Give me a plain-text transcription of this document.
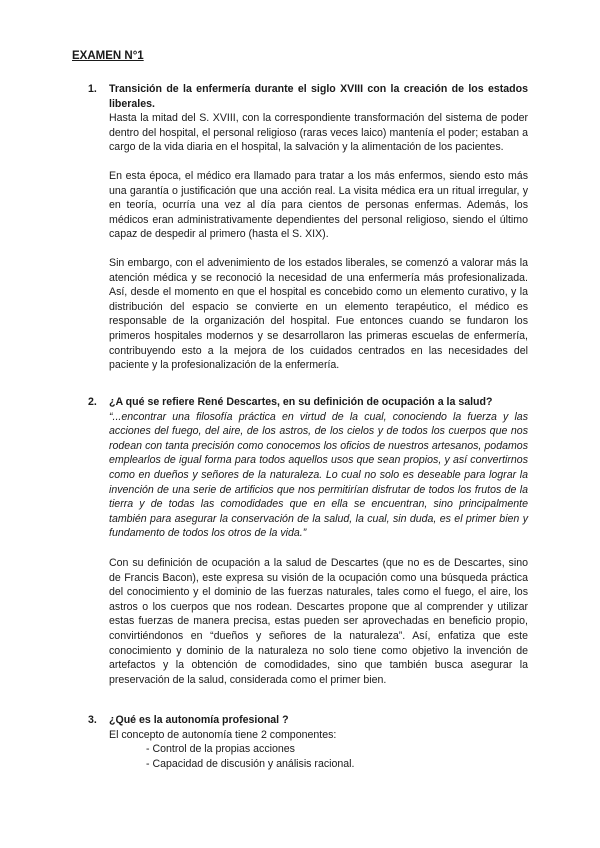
EXAMEN N°1
1.	Transición de la enfermería durante el siglo XVIII con la creación de los estados liberales.

Hasta la mitad del S. XVIII, con la correspondiente transformación del sistema de poder dentro del hospital, el personal religioso (raras veces laico) mantenía el poder; estaban a cargo de la vida diaria en el hospital, la salvación y la alimentación de los pacientes.

En esta época, el médico era llamado para tratar a los más enfermos, siendo esto más una garantía o justificación que una acción real. La visita médica era un ritual irregular, y en teoría, ocurría una vez al día para cientos de personas enfermas. Además, los médicos eran administrativamente dependientes del personal religioso, siendo el último capaz de despedir al primero (hasta el S. XIX).

Sin embargo, con el advenimiento de los estados liberales, se comenzó a valorar más la atención médica y se reconoció la necesidad de una enfermería más profesionalizada. Así, desde el momento en que el hospital es concebido como un elemento curativo, y la distribución del espacio se convierte en un elemento terapéutico, el médico es responsable de la organización del hospital. Fue entonces cuando se fundaron los primeros hospitales modernos y se desarrollaron las primeras escuelas de enfermería, contribuyendo esto a la mejora de los cuidados centrados en las necesidades del paciente y la profesionalización de la enfermería.

2.	¿A qué se refiere René Descartes, en su definición de ocupación a la salud?
“...encontrar una filosofía práctica en virtud de la cual, conociendo la fuerza y las acciones del fuego, del aire, de los astros, de los cielos y de todos los cuerpos que nos rodean con tanta precisión como conocemos los oficios de nuestros artesanos, podamos emplearlos de igual forma para todos aquellos usos que sean propios, y así convertirnos como en dueños y señores de la naturaleza. Lo cual no solo es deseable para lograr la invención de una serie de artificios que nos permitirían disfrutar de todos los frutos de la tierra y de todas las comodidades que en ella se encuentran, sino principalmente también para asegurar la conservación de la salud, la cual, sin duda, es el primer bien y fundamento de todos los otros de la vida.”

Con su definición de ocupación a la salud de Descartes (que no es de Descartes, sino de Francis Bacon), este expresa su visión de la ocupación como una búsqueda práctica del conocimiento y el dominio de las fuerzas naturales, tales como el fuego, el aire, los astros o los cuerpos que nos rodean. Descartes propone que al comprender y utilizar estas fuerzas de manera precisa, estas pueden ser aprovechadas en beneficio propio, convirtiéndonos en “dueños y señores de la naturaleza”. Así, enfatiza que este conocimiento y dominio de la naturaleza no solo tiene como objetivo la invención de artefactos y la obtención de comodidades, sino que también busca asegurar la preservación de la salud, considerada como el primer bien.

3.	¿Qué es la autonomía profesional ?
El concepto de autonomía tiene 2 componentes:
- Control de la propias acciones
- Capacidad de discusión y análisis racional.
